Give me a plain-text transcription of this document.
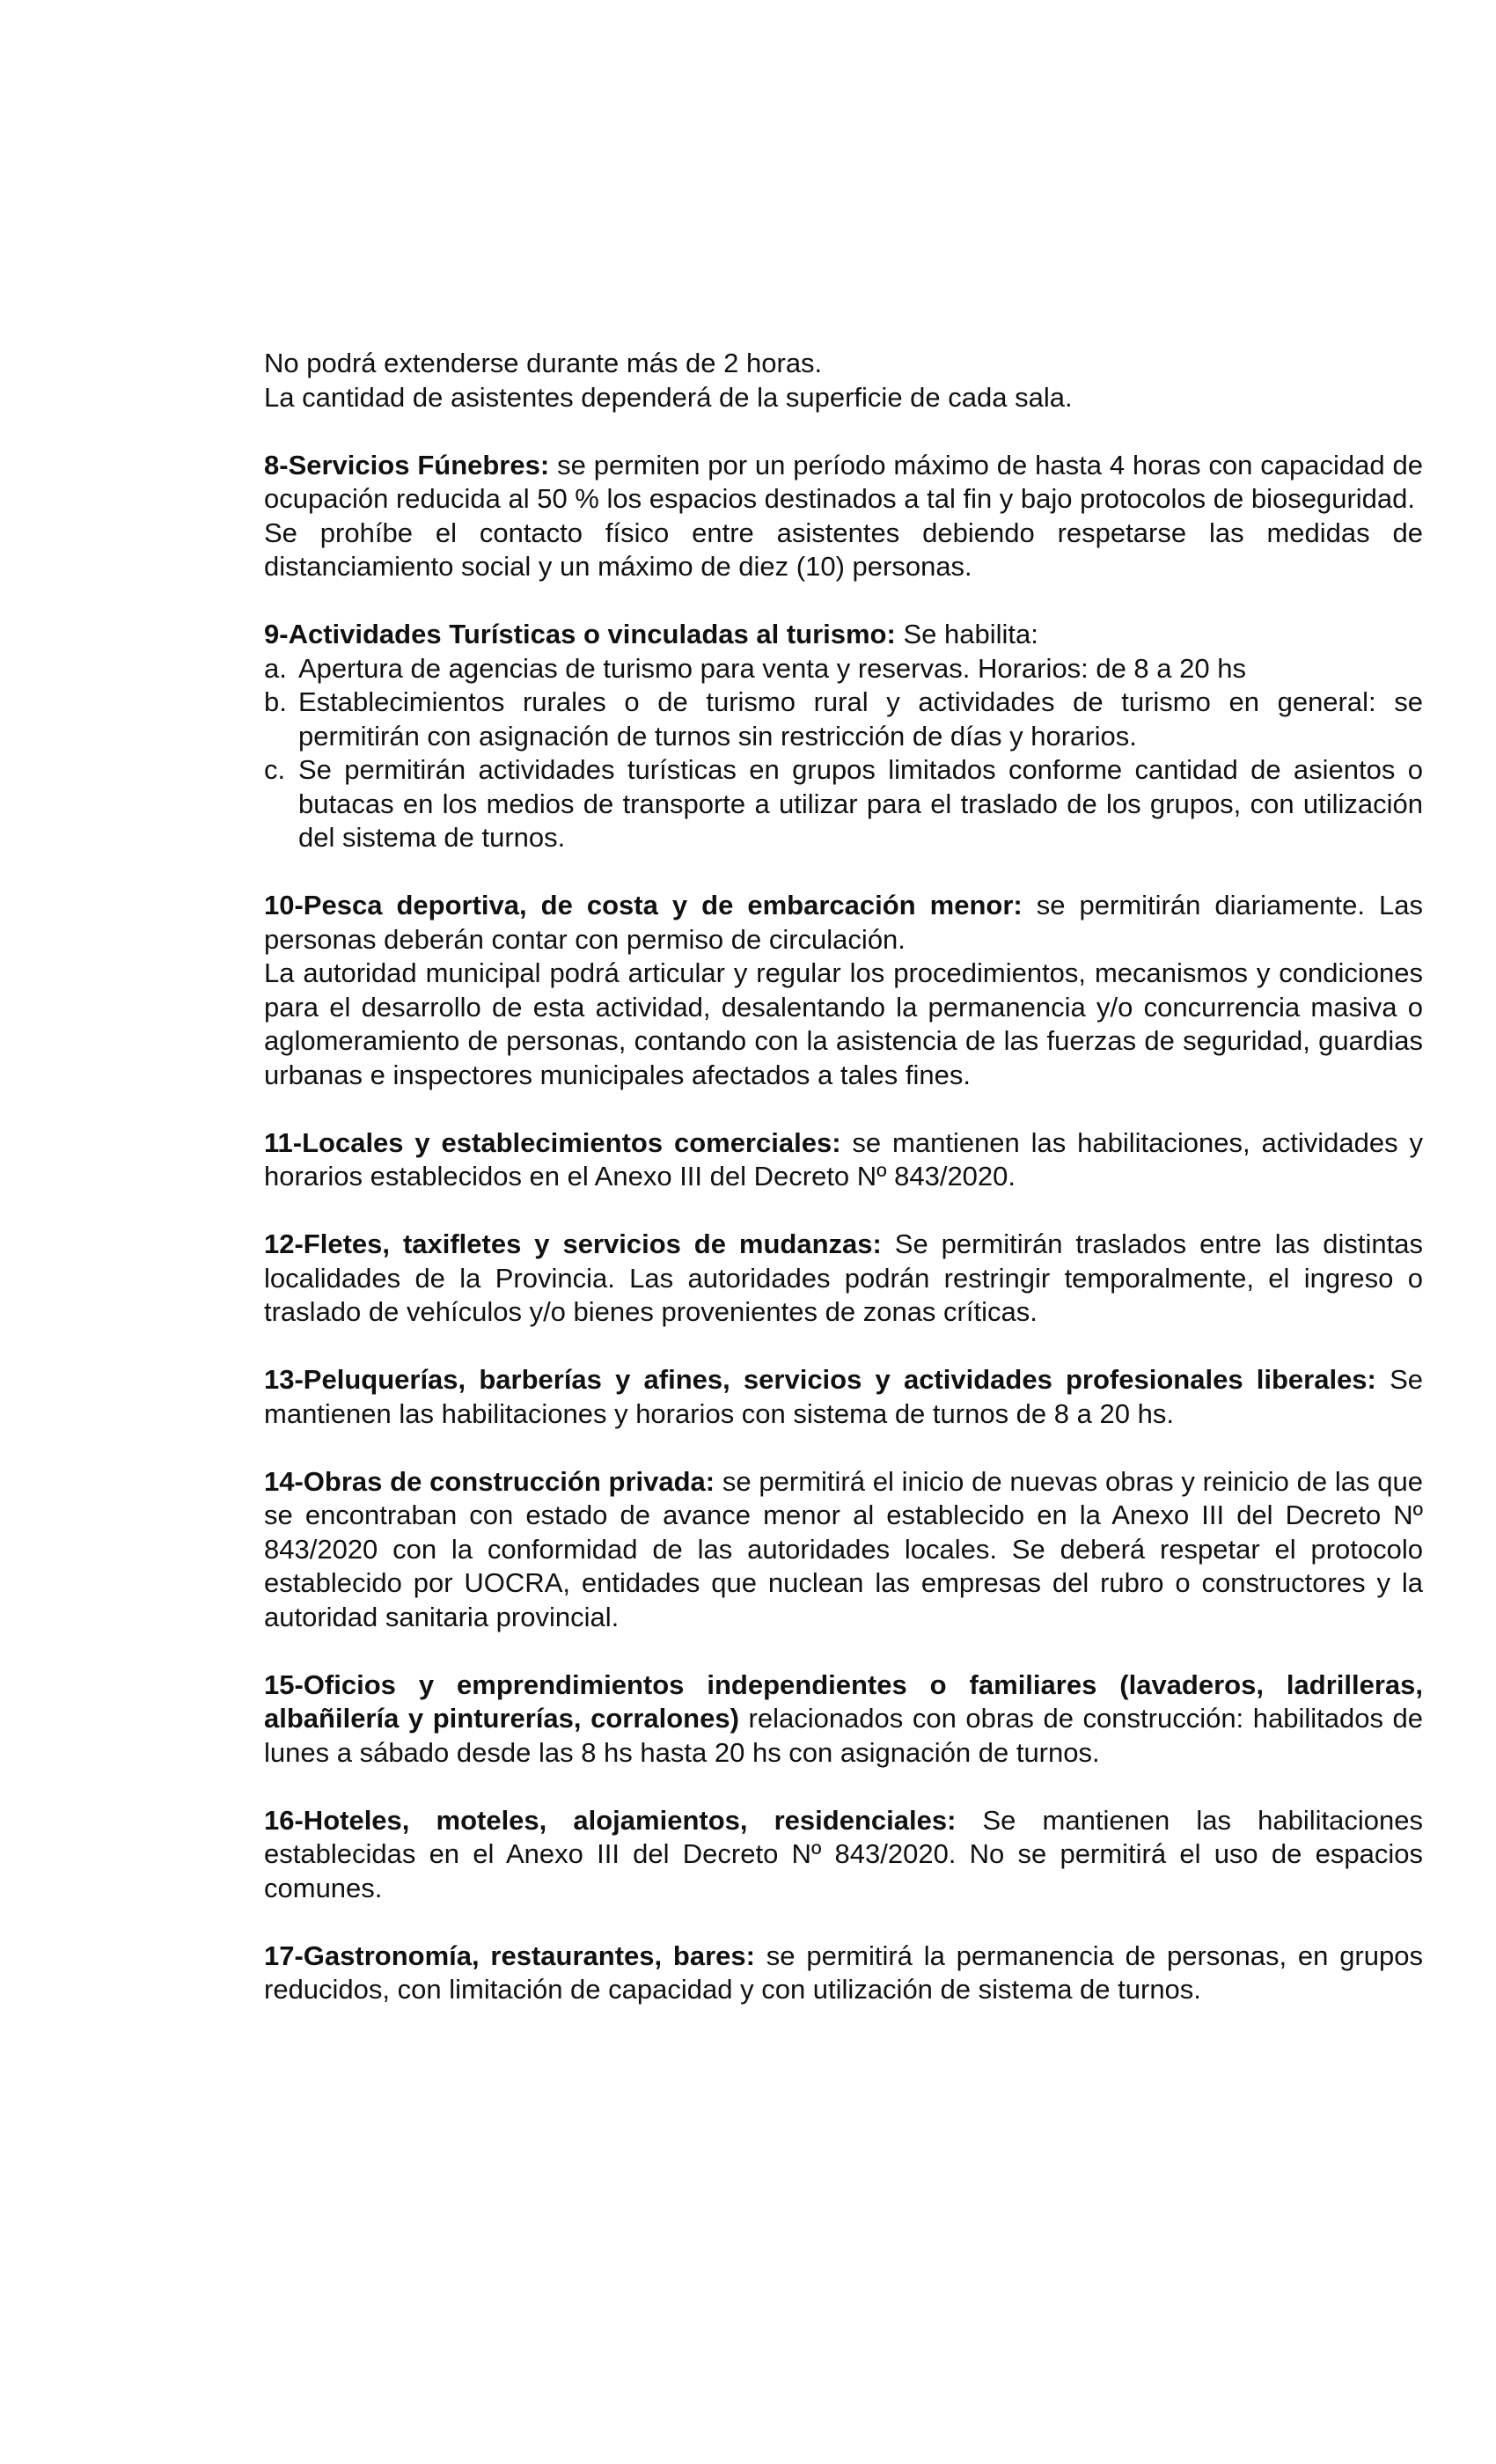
No podrá extenderse durante más de 2 horas.

La cantidad de asistentes dependerá de la superficie de cada sala.

8-Servicios Fúnebres: se permiten por un período máximo de hasta 4 horas con capacidad de ocupación reducida al 50 % los espacios destinados a tal fin y bajo protocolos de bioseguridad.

Se prohíbe el contacto físico entre asistentes debiendo respetarse las medidas de distanciamiento social y un máximo de diez (10) personas.

9-Actividades Turísticas o vinculadas al turismo: Se habilita:

a. Apertura de agencias de turismo para venta y reservas. Horarios: de 8 a 20 hs
b. Establecimientos rurales o de turismo rural y actividades de turismo en general: se permitirán con asignación de turnos sin restricción de días y horarios.
c. Se permitirán actividades turísticas en grupos limitados conforme cantidad de asientos o butacas en los medios de transporte a utilizar para el traslado de los grupos, con utilización del sistema de turnos.

10-Pesca deportiva, de costa y de embarcación menor: se permitirán diariamente. Las personas deberán contar con permiso de circulación.

La autoridad municipal podrá articular y regular los procedimientos, mecanismos y condiciones para el desarrollo de esta actividad, desalentando la permanencia y/o concurrencia masiva o aglomeramiento de personas, contando con la asistencia de las fuerzas de seguridad, guardias urbanas e inspectores municipales afectados a tales fines.

11-Locales y establecimientos comerciales: se mantienen las habilitaciones, actividades y horarios establecidos en el Anexo III del Decreto Nº 843/2020.

12-Fletes, taxifletes y servicios de mudanzas: Se permitirán traslados entre las distintas localidades de la Provincia. Las autoridades podrán restringir temporalmente, el ingreso o traslado de vehículos y/o bienes provenientes de zonas críticas.

13-Peluquerías, barberías y afines, servicios y actividades profesionales liberales: Se mantienen las habilitaciones y horarios con sistema de turnos de 8 a 20 hs.

14-Obras de construcción privada: se permitirá el inicio de nuevas obras y reinicio de las que se encontraban con estado de avance menor al establecido en la Anexo III del Decreto Nº 843/2020 con la conformidad de las autoridades locales. Se deberá respetar el protocolo establecido por UOCRA, entidades que nuclean las empresas del rubro o constructores y la autoridad sanitaria provincial.

15-Oficios y emprendimientos independientes o familiares (lavaderos, ladrilleras, albañilería y pinturerías, corralones) relacionados con obras de construcción: habilitados de lunes a sábado desde las 8 hs hasta 20 hs con asignación de turnos.

16-Hoteles, moteles, alojamientos, residenciales: Se mantienen las habilitaciones establecidas en el Anexo III del Decreto Nº 843/2020. No se permitirá el uso de espacios comunes.

17-Gastronomía, restaurantes, bares: se permitirá la permanencia de personas, en grupos reducidos, con limitación de capacidad y con utilización de sistema de turnos.
